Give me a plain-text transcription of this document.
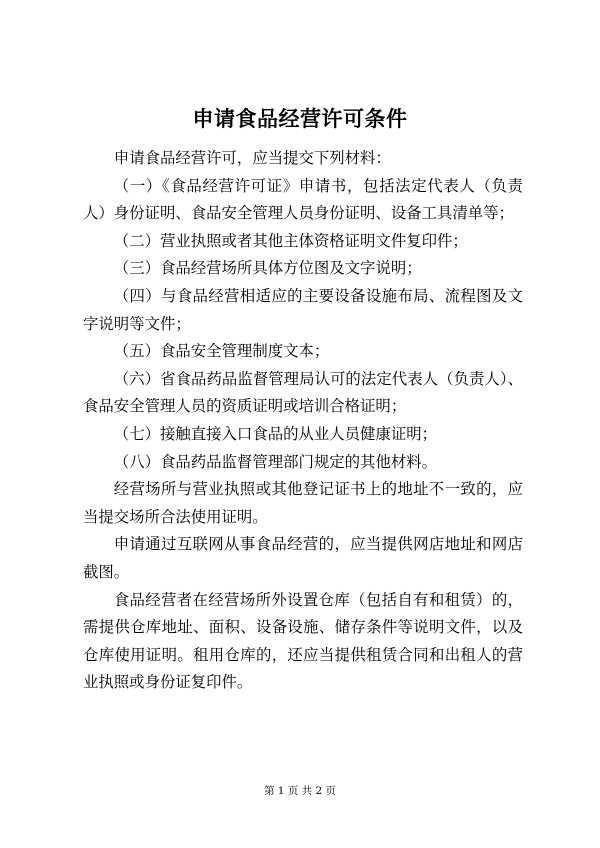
申请食品经营许可条件

申请食品经营许可，应当提交下列材料：

（一）《食品经营许可证》申请书，包括法定代表人（负责人）身份证明、食品安全管理人员身份证明、设备工具清单等；

（二）营业执照或者其他主体资格证明文件复印件；

（三）食品经营场所具体方位图及文字说明；

（四）与食品经营相适应的主要设备设施布局、流程图及文字说明等文件；

（五）食品安全管理制度文本；

（六）省食品药品监督管理局认可的法定代表人（负责人）、食品安全管理人员的资质证明或培训合格证明；

（七）接触直接入口食品的从业人员健康证明；

（八）食品药品监督管理部门规定的其他材料。

经营场所与营业执照或其他登记证书上的地址不一致的，应当提交场所合法使用证明。

申请通过互联网从事食品经营的，应当提供网店地址和网店截图。

食品经营者在经营场所外设置仓库（包括自有和租赁）的，需提供仓库地址、面积、设备设施、储存条件等说明文件，以及仓库使用证明。租用仓库的，还应当提供租赁合同和出租人的营业执照或身份证复印件。

第 1 页 共 2 页
